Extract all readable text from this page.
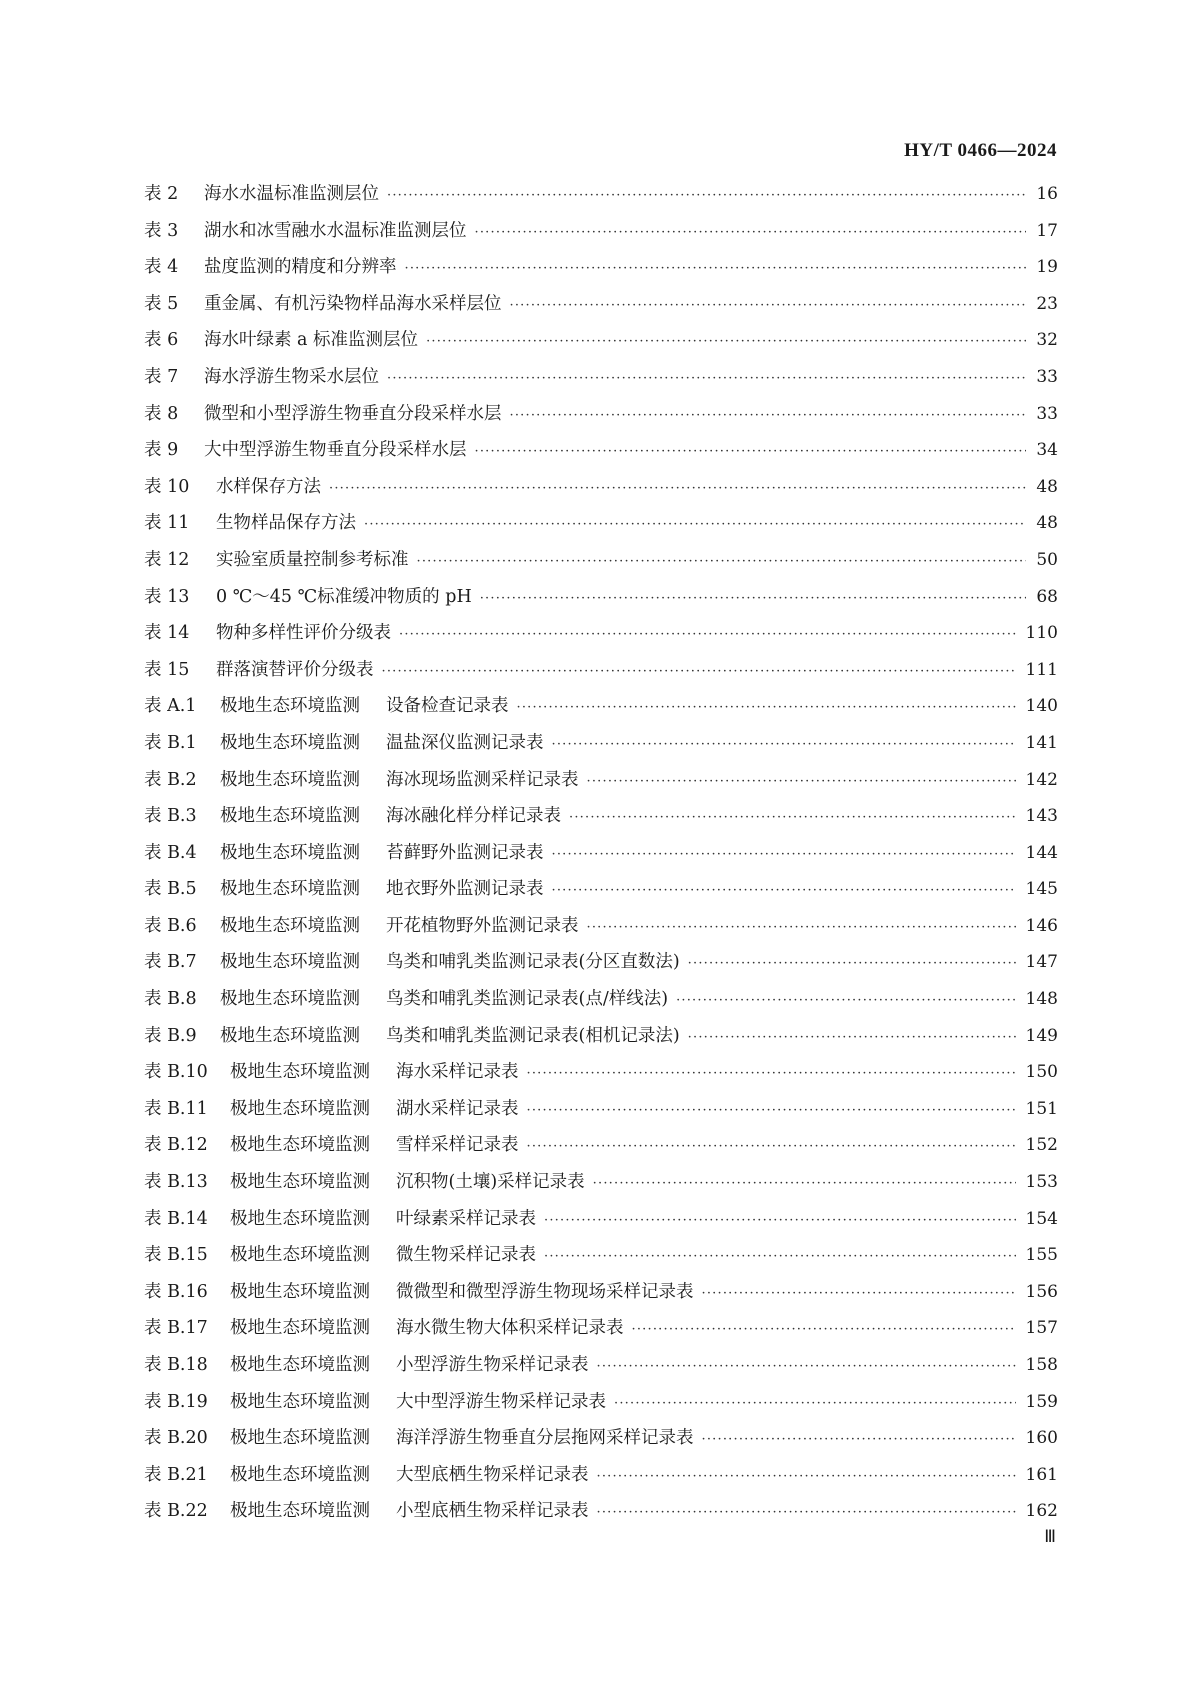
HY/T 0466—2024
表 2	海水水温标准监测层位 ·····	16
表 3	湖水和冰雪融水水温标准监测层位 ·····	17
表 4	盐度监测的精度和分辨率 ·····	19
表 5	重金属、有机污染物样品海水采样层位 ·····	23
表 6	海水叶绿素 a 标准监测层位 ·····	32
表 7	海水浮游生物采水层位 ·····	33
表 8	微型和小型浮游生物垂直分段采样水层 ·····	33
表 9	大中型浮游生物垂直分段采样水层 ·····	34
表 10	水样保存方法 ·····	48
表 11	生物样品保存方法 ·····	48
表 12	实验室质量控制参考标准 ·····	50
表 13	0 ℃～45 ℃标准缓冲物质的 pH ·····	68
表 14	物种多样性评价分级表 ·····	110
表 15	群落演替评价分级表 ·····	111
表 A.1	极地生态环境监测 设备检查记录表 ·····	140
表 B.1	极地生态环境监测 温盐深仪监测记录表 ·····	141
表 B.2	极地生态环境监测 海冰现场监测采样记录表 ·····	142
表 B.3	极地生态环境监测 海冰融化样分样记录表 ·····	143
表 B.4	极地生态环境监测 苔藓野外监测记录表 ·····	144
表 B.5	极地生态环境监测 地衣野外监测记录表 ·····	145
表 B.6	极地生态环境监测 开花植物野外监测记录表 ·····	146
表 B.7	极地生态环境监测 鸟类和哺乳类监测记录表(分区直数法) ·····	147
表 B.8	极地生态环境监测 鸟类和哺乳类监测记录表(点/样线法) ·····	148
表 B.9	极地生态环境监测 鸟类和哺乳类监测记录表(相机记录法) ·····	149
表 B.10	极地生态环境监测 海水采样记录表 ·····	150
表 B.11	极地生态环境监测 湖水采样记录表 ·····	151
表 B.12	极地生态环境监测 雪样采样记录表 ·····	152
表 B.13	极地生态环境监测 沉积物(土壤)采样记录表 ·····	153
表 B.14	极地生态环境监测 叶绿素采样记录表 ·····	154
表 B.15	极地生态环境监测 微生物采样记录表 ·····	155
表 B.16	极地生态环境监测 微微型和微型浮游生物现场采样记录表 ·····	156
表 B.17	极地生态环境监测 海水微生物大体积采样记录表 ·····	157
表 B.18	极地生态环境监测 小型浮游生物采样记录表 ·····	158
表 B.19	极地生态环境监测 大中型浮游生物采样记录表 ·····	159
表 B.20	极地生态环境监测 海洋浮游生物垂直分层拖网采样记录表 ·····	160
表 B.21	极地生态环境监测 大型底栖生物采样记录表 ·····	161
表 B.22	极地生态环境监测 小型底栖生物采样记录表 ·····	162
Ⅲ
